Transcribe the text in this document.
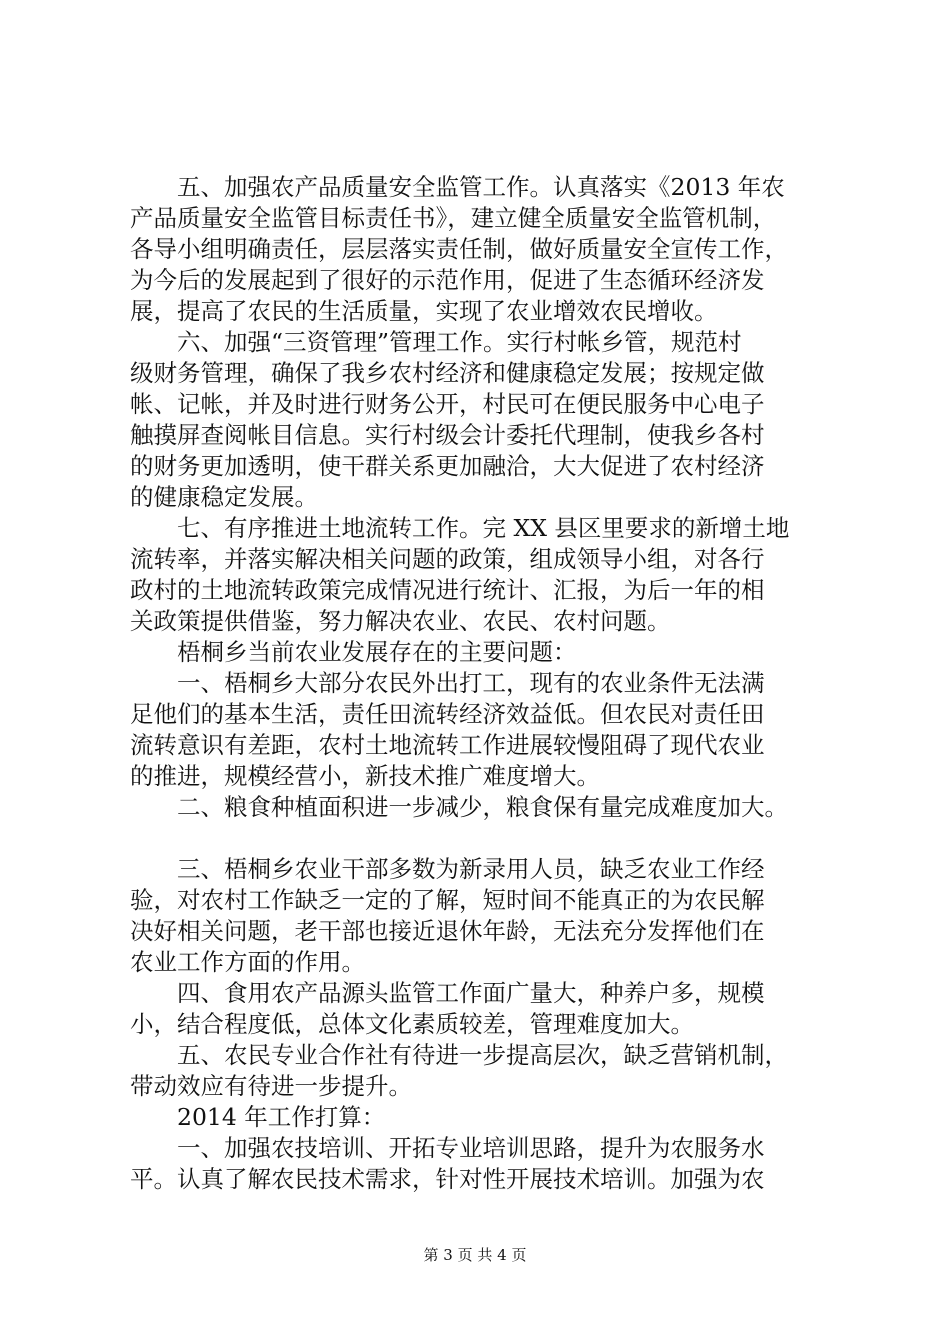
五、加强农产品质量安全监管工作。认真落实《2013 年农
产品质量安全监管目标责任书》，建立健全质量安全监管机制，
各导小组明确责任，层层落实责任制，做好质量安全宣传工作，
为今后的发展起到了很好的示范作用，促进了生态循环经济发
展，提高了农民的生活质量，实现了农业增效农民增收。
六、加强“三资管理”管理工作。实行村帐乡管，规范村
级财务管理，确保了我乡农村经济和健康稳定发展；按规定做
帐、记帐，并及时进行财务公开，村民可在便民服务中心电子
触摸屏查阅帐目信息。实行村级会计委托代理制，使我乡各村
的财务更加透明，使干群关系更加融洽，大大促进了农村经济
的健康稳定发展。
七、有序推进土地流转工作。完 XX 县区里要求的新增土地
流转率，并落实解决相关问题的政策，组成领导小组，对各行
政村的土地流转政策完成情况进行统计、汇报，为后一年的相
关政策提供借鉴，努力解决农业、农民、农村问题。
梧桐乡当前农业发展存在的主要问题：
一、梧桐乡大部分农民外出打工，现有的农业条件无法满
足他们的基本生活，责任田流转经济效益低。但农民对责任田
流转意识有差距，农村土地流转工作进展较慢阻碍了现代农业
的推进，规模经营小，新技术推广难度增大。
二、粮食种植面积进一步减少，粮食保有量完成难度加大。
三、梧桐乡农业干部多数为新录用人员，缺乏农业工作经
验，对农村工作缺乏一定的了解，短时间不能真正的为农民解
决好相关问题，老干部也接近退休年龄，无法充分发挥他们在
农业工作方面的作用。
四、食用农产品源头监管工作面广量大，种养户多，规模
小，结合程度低，总体文化素质较差，管理难度加大。
五、农民专业合作社有待进一步提高层次，缺乏营销机制，
带动效应有待进一步提升。
2014 年工作打算：
一、加强农技培训、开拓专业培训思路，提升为农服务水
平。认真了解农民技术需求，针对性开展技术培训。加强为农
第 3 页 共 4 页
